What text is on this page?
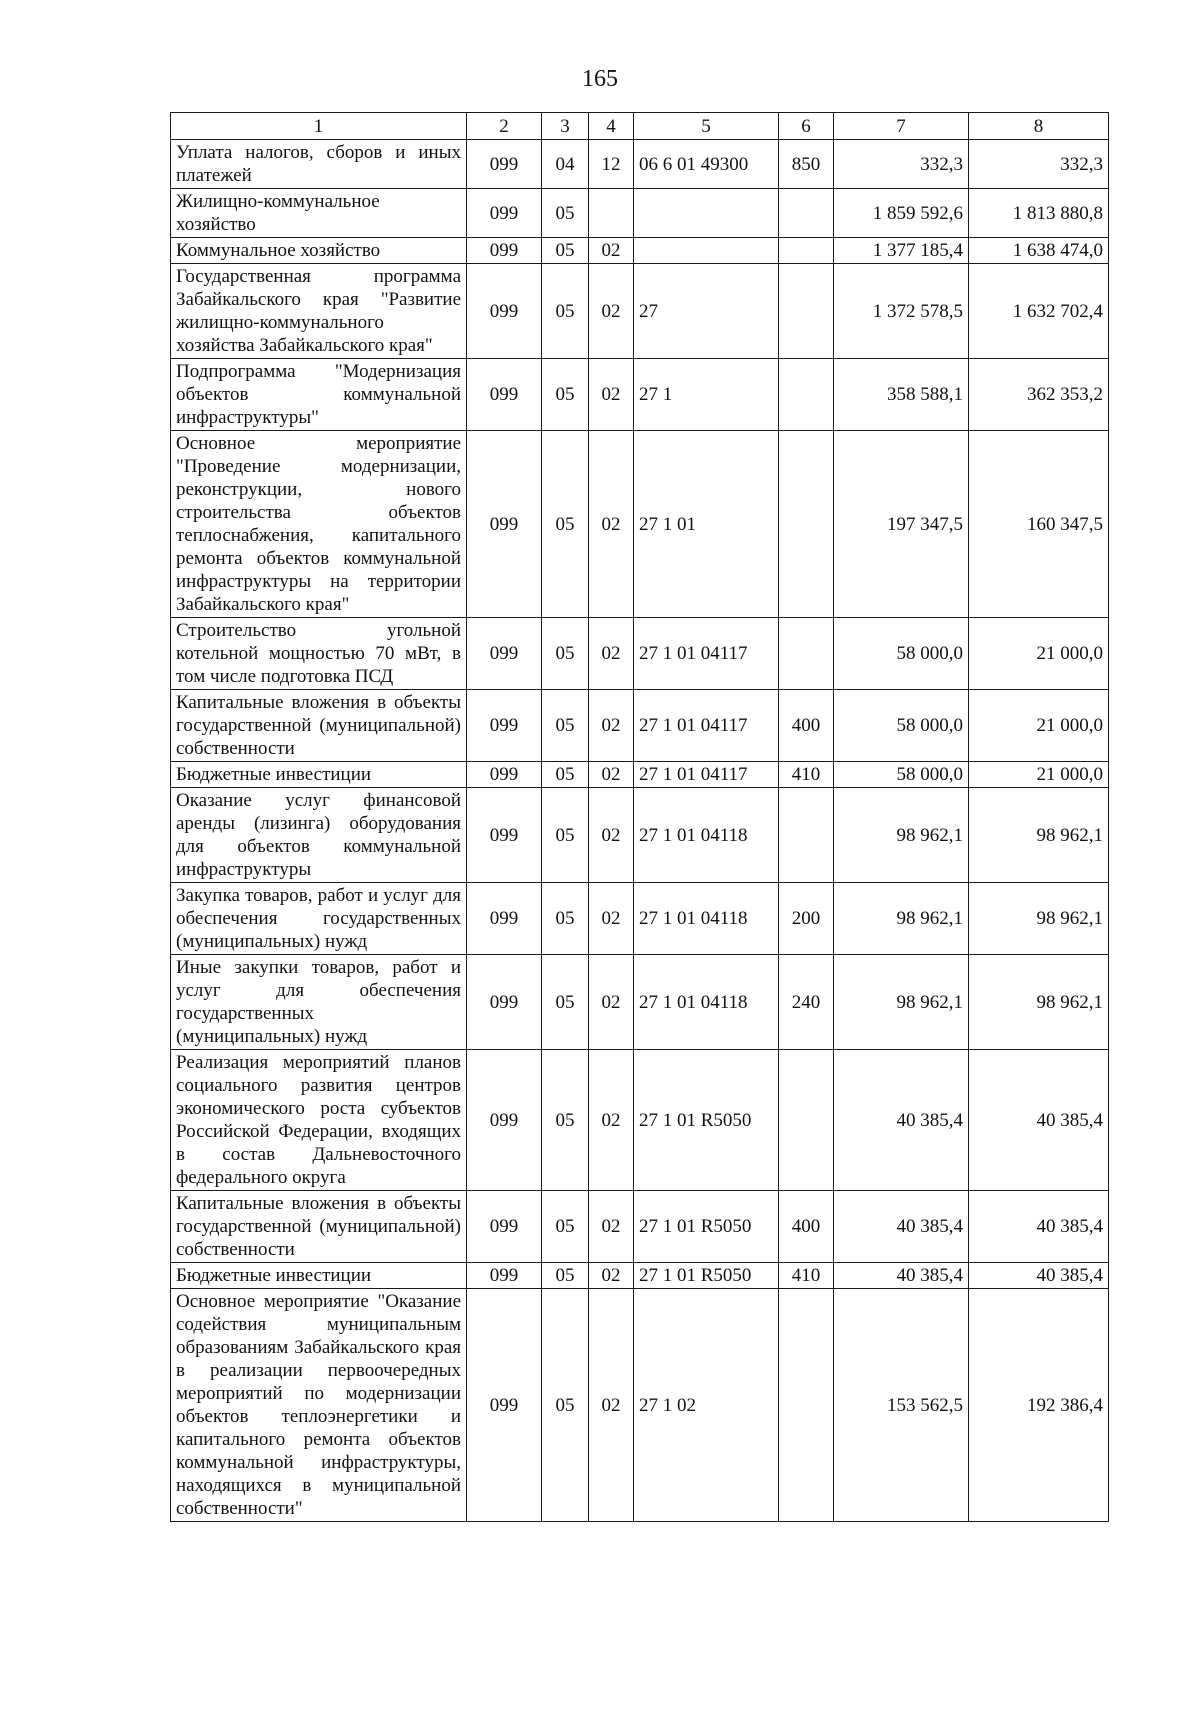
165
1	2	3	4	5	6	7	8
Уплата налогов, сборов и иных платежей	099	04	12	06 6 01 49300	850	332,3	332,3
Жилищно-коммунальное хозяйство	099	05				1 859 592,6	1 813 880,8
Коммунальное хозяйство	099	05	02			1 377 185,4	1 638 474,0
Государственная программа Забайкальского края "Развитие жилищно-коммунального хозяйства Забайкальского края"	099	05	02	27		1 372 578,5	1 632 702,4
Подпрограмма "Модернизация объектов коммунальной инфраструктуры"	099	05	02	27 1		358 588,1	362 353,2
Основное мероприятие "Проведение модернизации, реконструкции, нового строительства объектов теплоснабжения, капитального ремонта объектов коммунальной инфраструктуры на территории Забайкальского края"	099	05	02	27 1 01		197 347,5	160 347,5
Строительство угольной котельной мощностью 70 мВт, в том числе подготовка ПСД	099	05	02	27 1 01 04117		58 000,0	21 000,0
Капитальные вложения в объекты государственной (муниципальной) собственности	099	05	02	27 1 01 04117	400	58 000,0	21 000,0
Бюджетные инвестиции	099	05	02	27 1 01 04117	410	58 000,0	21 000,0
Оказание услуг финансовой аренды (лизинга) оборудования для объектов коммунальной инфраструктуры	099	05	02	27 1 01 04118		98 962,1	98 962,1
Закупка товаров, работ и услуг для обеспечения государственных (муниципальных) нужд	099	05	02	27 1 01 04118	200	98 962,1	98 962,1
Иные закупки товаров, работ и услуг для обеспечения государственных (муниципальных) нужд	099	05	02	27 1 01 04118	240	98 962,1	98 962,1
Реализация мероприятий планов социального развития центров экономического роста субъектов Российской Федерации, входящих в состав Дальневосточного федерального округа	099	05	02	27 1 01 R5050		40 385,4	40 385,4
Капитальные вложения в объекты государственной (муниципальной) собственности	099	05	02	27 1 01 R5050	400	40 385,4	40 385,4
Бюджетные инвестиции	099	05	02	27 1 01 R5050	410	40 385,4	40 385,4
Основное мероприятие "Оказание содействия муниципальным образованиям Забайкальского края в реализации первоочередных мероприятий по модернизации объектов теплоэнергетики и капитального ремонта объектов коммунальной инфраструктуры, находящихся в муниципальной собственности"	099	05	02	27 1 02		153 562,5	192 386,4
